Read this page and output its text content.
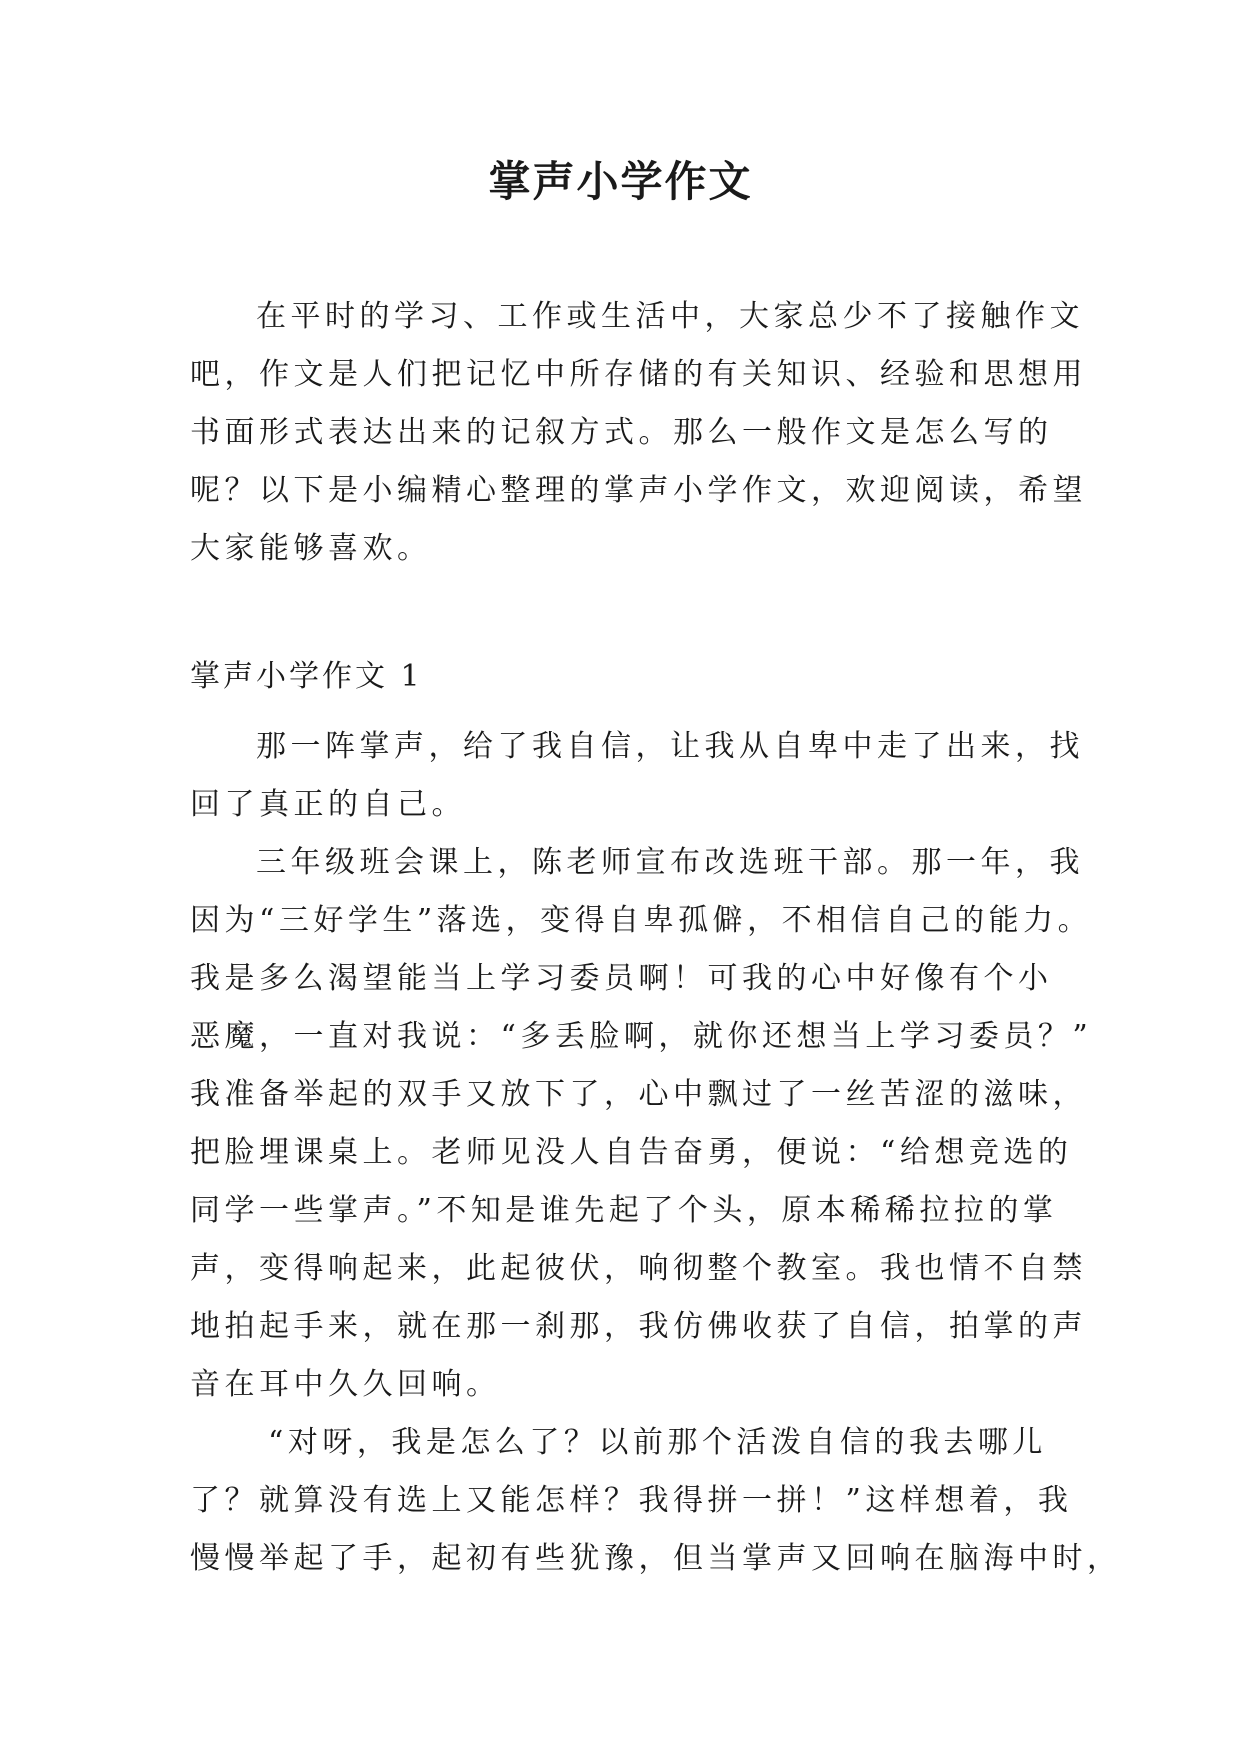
掌声小学作文
在平时的学习、工作或生活中，大家总少不了接触作文
吧，作文是人们把记忆中所存储的有关知识、经验和思想用
书面形式表达出来的记叙方式。那么一般作文是怎么写的
呢？以下是小编精心整理的掌声小学作文，欢迎阅读，希望
大家能够喜欢。
掌声小学作文 1
那一阵掌声，给了我自信，让我从自卑中走了出来，找
回了真正的自己。
三年级班会课上，陈老师宣布改选班干部。那一年，我
因为“三好学生”落选，变得自卑孤僻，不相信自己的能力。
我是多么渴望能当上学习委员啊！可我的心中好像有个小
恶魔，一直对我说：“多丢脸啊，就你还想当上学习委员？”
我准备举起的双手又放下了，心中飘过了一丝苦涩的滋味，
把脸埋课桌上。老师见没人自告奋勇，便说：“给想竞选的
同学一些掌声。”不知是谁先起了个头，原本稀稀拉拉的掌
声，变得响起来，此起彼伏，响彻整个教室。我也情不自禁
地拍起手来，就在那一刹那，我仿佛收获了自信，拍掌的声
音在耳中久久回响。
“对呀，我是怎么了？以前那个活泼自信的我去哪儿
了？就算没有选上又能怎样？我得拼一拼！”这样想着，我
慢慢举起了手，起初有些犹豫，但当掌声又回响在脑海中时，
